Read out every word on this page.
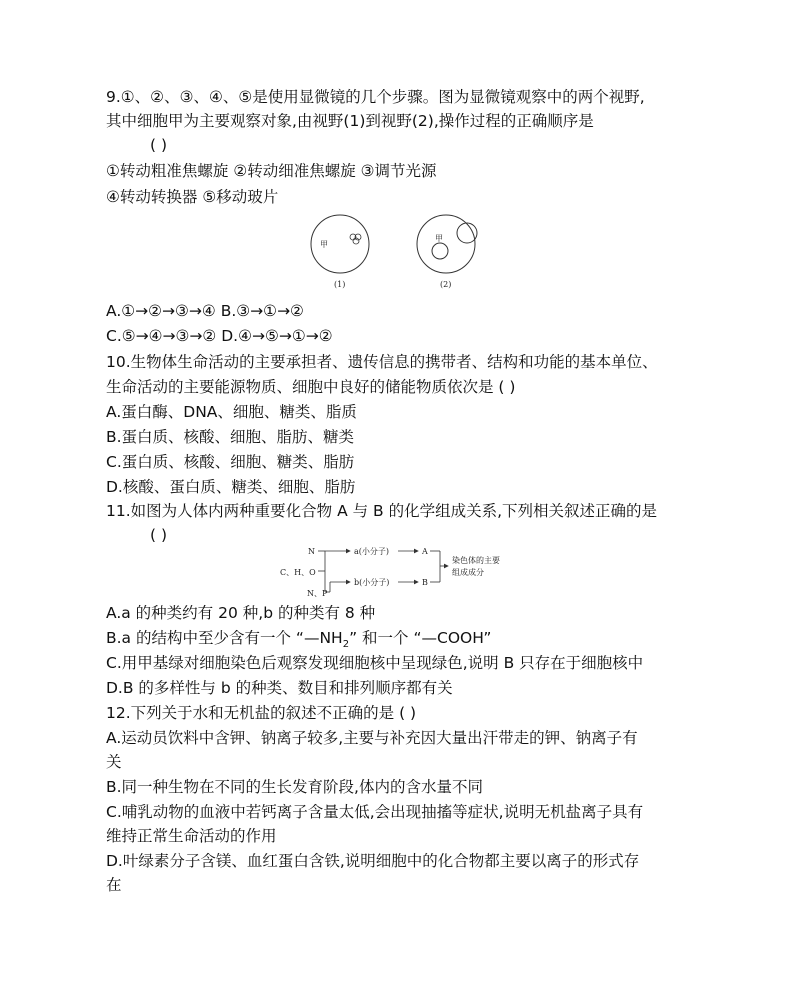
9.①、②、③、④、⑤是使用显微镜的几个步骤。图为显微镜观察中的两个视野,
其中细胞甲为主要观察对象,由视野(1)到视野(2),操作过程的正确顺序是
( )
①转动粗准焦螺旋 ②转动细准焦螺旋 ③调节光源
④转动转换器 ⑤移动玻片
甲
(1)
甲
(2)
A.①→②→③→④ B.③→①→②
C.⑤→④→③→② D.④→⑤→①→②
10.生物体生命活动的主要承担者、遗传信息的携带者、结构和功能的基本单位、
生命活动的主要能源物质、细胞中良好的储能物质依次是 ( )
A.蛋白酶、DNA、细胞、糖类、脂质
B.蛋白质、核酸、细胞、脂肪、糖类
C.蛋白质、核酸、细胞、糖类、脂肪
D.核酸、蛋白质、糖类、细胞、脂肪
11.如图为人体内两种重要化合物 A 与 B 的化学组成关系,下列相关叙述正确的是
( )
N
C、H、O
N、P
a(小分子)
b(小分子)
A
B
染色体的主要
组成成分
A.a 的种类约有 20 种,b 的种类有 8 种
B.a 的结构中至少含有一个 “$—NH_2$” 和一个 “—COOH”
C.用甲基绿对细胞染色后观察发现细胞核中呈现绿色,说明 B 只存在于细胞核中
D.B 的多样性与 b 的种类、数目和排列顺序都有关
12.下列关于水和无机盐的叙述不正确的是 ( )
A.运动员饮料中含钾、钠离子较多,主要与补充因大量出汗带走的钾、钠离子有
关
B.同一种生物在不同的生长发育阶段,体内的含水量不同
C.哺乳动物的血液中若钙离子含量太低,会出现抽搐等症状,说明无机盐离子具有
维持正常生命活动的作用
D.叶绿素分子含镁、血红蛋白含铁,说明细胞中的化合物都主要以离子的形式存
在
